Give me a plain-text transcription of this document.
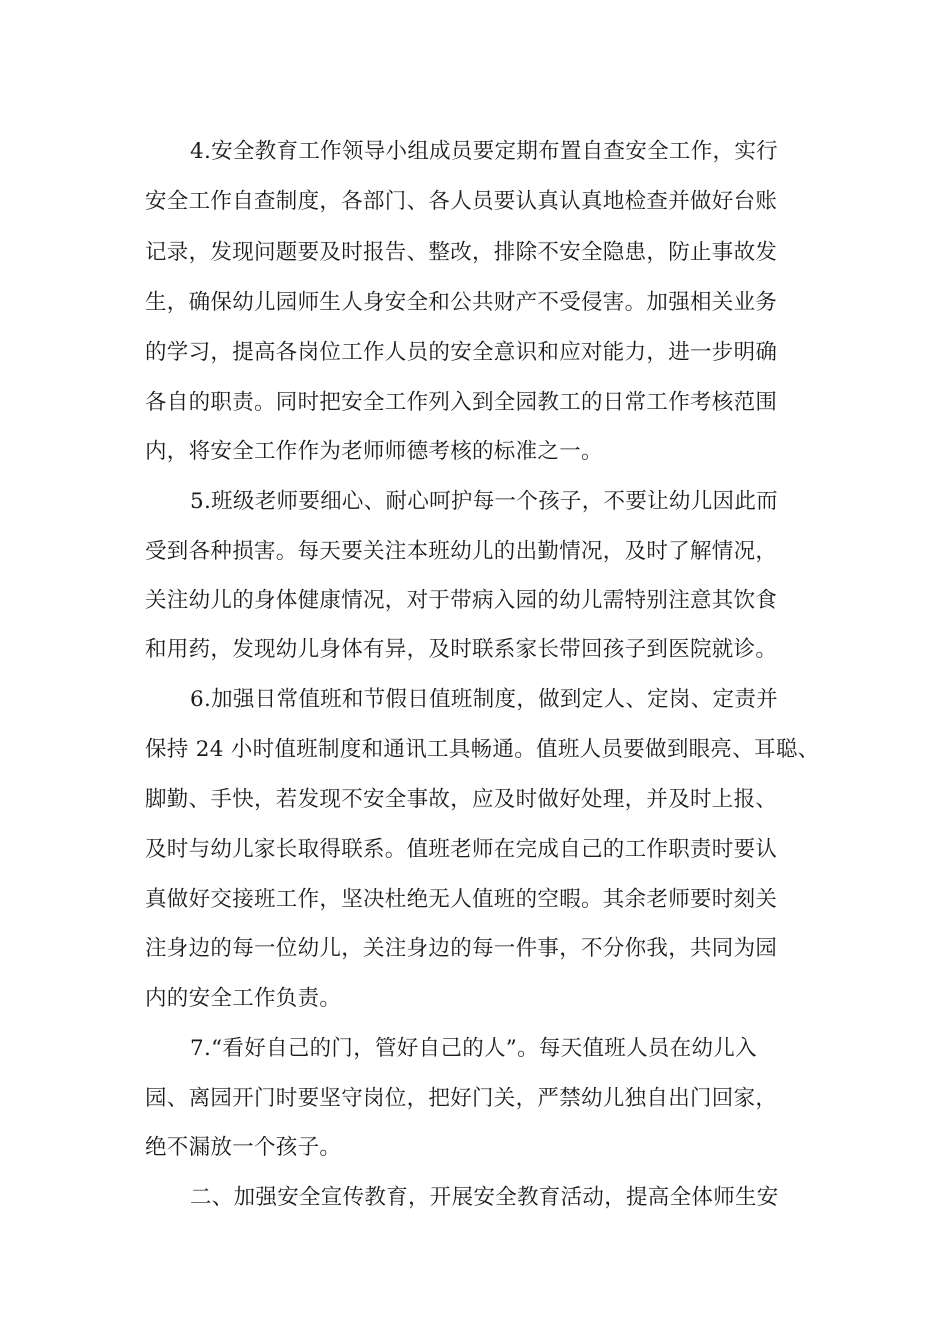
4.安全教育工作领导小组成员要定期布置自查安全工作，实行
安全工作自查制度，各部门、各人员要认真认真地检查并做好台账
记录，发现问题要及时报告、整改，排除不安全隐患，防止事故发
生，确保幼儿园师生人身安全和公共财产不受侵害。加强相关业务
的学习，提高各岗位工作人员的安全意识和应对能力，进一步明确
各自的职责。同时把安全工作列入到全园教工的日常工作考核范围
内，将安全工作作为老师师德考核的标准之一。
5.班级老师要细心、耐心呵护每一个孩子，不要让幼儿因此而
受到各种损害。每天要关注本班幼儿的出勤情况，及时了解情况，
关注幼儿的身体健康情况，对于带病入园的幼儿需特别注意其饮食
和用药，发现幼儿身体有异，及时联系家长带回孩子到医院就诊。
6.加强日常值班和节假日值班制度，做到定人、定岗、定责并
保持 24 小时值班制度和通讯工具畅通。值班人员要做到眼亮、耳聪、
脚勤、手快，若发现不安全事故，应及时做好处理，并及时上报、
及时与幼儿家长取得联系。值班老师在完成自己的工作职责时要认
真做好交接班工作，坚决杜绝无人值班的空暇。其余老师要时刻关
注身边的每一位幼儿，关注身边的每一件事，不分你我，共同为园
内的安全工作负责。
7.“看好自己的门，管好自己的人”。每天值班人员在幼儿入
园、离园开门时要坚守岗位，把好门关，严禁幼儿独自出门回家，
绝不漏放一个孩子。
二、加强安全宣传教育，开展安全教育活动，提高全体师生安
